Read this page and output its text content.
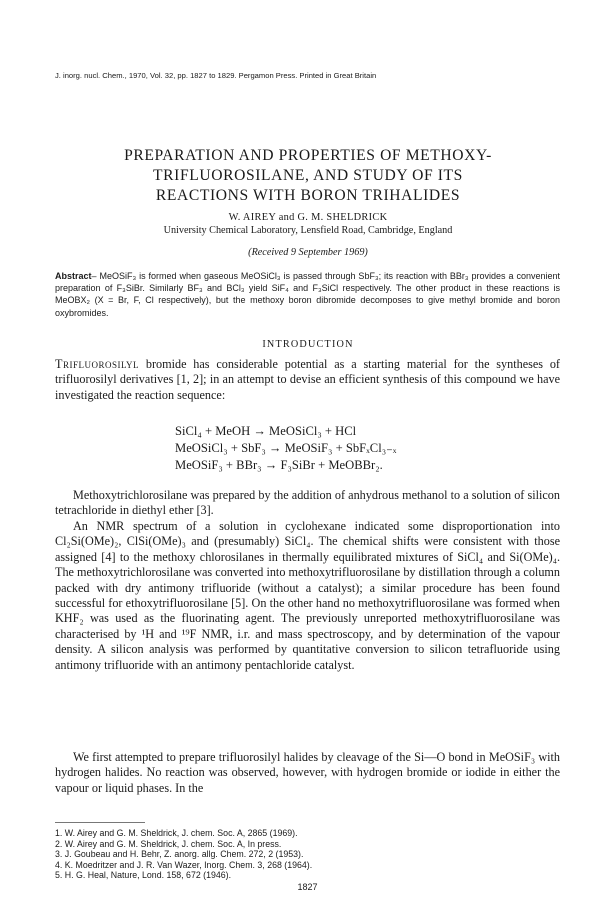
J. inorg. nucl. Chem., 1970, Vol. 32, pp. 1827 to 1829. Pergamon Press. Printed in Great Britain
PREPARATION AND PROPERTIES OF METHOXY-
TRIFLUOROSILANE, AND STUDY OF ITS
REACTIONS WITH BORON TRIHALIDES
W. AIREY and G. M. SHELDRICK
University Chemical Laboratory, Lensfield Road, Cambridge, England
(Received 9 September 1969)
Abstract– MeOSiF₃ is formed when gaseous MeOSiCl₃ is passed through SbF₃; its reaction with BBr₃ provides a convenient preparation of F₃SiBr. Similarly BF₃ and BCl₃ yield SiF₄ and F₃SiCl respectively. The other product in these reactions is MeOBX₂ (X = Br, F, Cl respectively), but the methoxy boron dibromide decomposes to give methyl bromide and boron oxybromides.
INTRODUCTION
Trifluorosilyl bromide has considerable potential as a starting material for the syntheses of trifluorosilyl derivatives [1, 2]; in an attempt to devise an efficient synthesis of this compound we have investigated the reaction sequence:
SiCl₄ + MeOH → MeOSiCl₃ + HCl
MeOSiCl₃ + SbF₃ → MeOSiF₃ + SbFₓCl₃₋ₓ
MeOSiF₃ + BBr₃ → F₃SiBr + MeOBBr₂.
Methoxytrichlorosilane was prepared by the addition of anhydrous methanol to a solution of silicon tetrachloride in diethyl ether [3].
An NMR spectrum of a solution in cyclohexane indicated some disproportionation into Cl₂Si(OMe)₂, ClSi(OMe)₃ and (presumably) SiCl₄. The chemical shifts were consistent with those assigned [4] to the methoxy chlorosilanes in thermally equilibrated mixtures of SiCl₄ and Si(OMe)₄. The methoxytrichlorosilane was converted into methoxytrifluorosilane by distillation through a column packed with dry antimony trifluoride (without a catalyst); a similar procedure has been found successful for ethoxytrifluorosilane [5]. On the other hand no methoxytrifluorosilane was formed when KHF₂ was used as the fluorinating agent. The previously unreported methoxytrifluorosilane was characterised by ¹H and ¹⁹F NMR, i.r. and mass spectroscopy, and by determination of the vapour density. A silicon analysis was performed by quantitative conversion to silicon tetrafluoride using antimony trifluoride with an antimony pentachloride catalyst.
We first attempted to prepare trifluorosilyl halides by cleavage of the Si—O bond in MeOSiF₃ with hydrogen halides. No reaction was observed, however, with hydrogen bromide or iodide in either the vapour or liquid phases. In the
1. W. Airey and G. M. Sheldrick, J. chem. Soc. A, 2865 (1969).
2. W. Airey and G. M. Sheldrick, J. chem. Soc. A, In press.
3. J. Goubeau and H. Behr, Z. anorg. allg. Chem. 272, 2 (1953).
4. K. Moedritzer and J. R. Van Wazer, Inorg. Chem. 3, 268 (1964).
5. H. G. Heal, Nature, Lond. 158, 672 (1946).
1827
